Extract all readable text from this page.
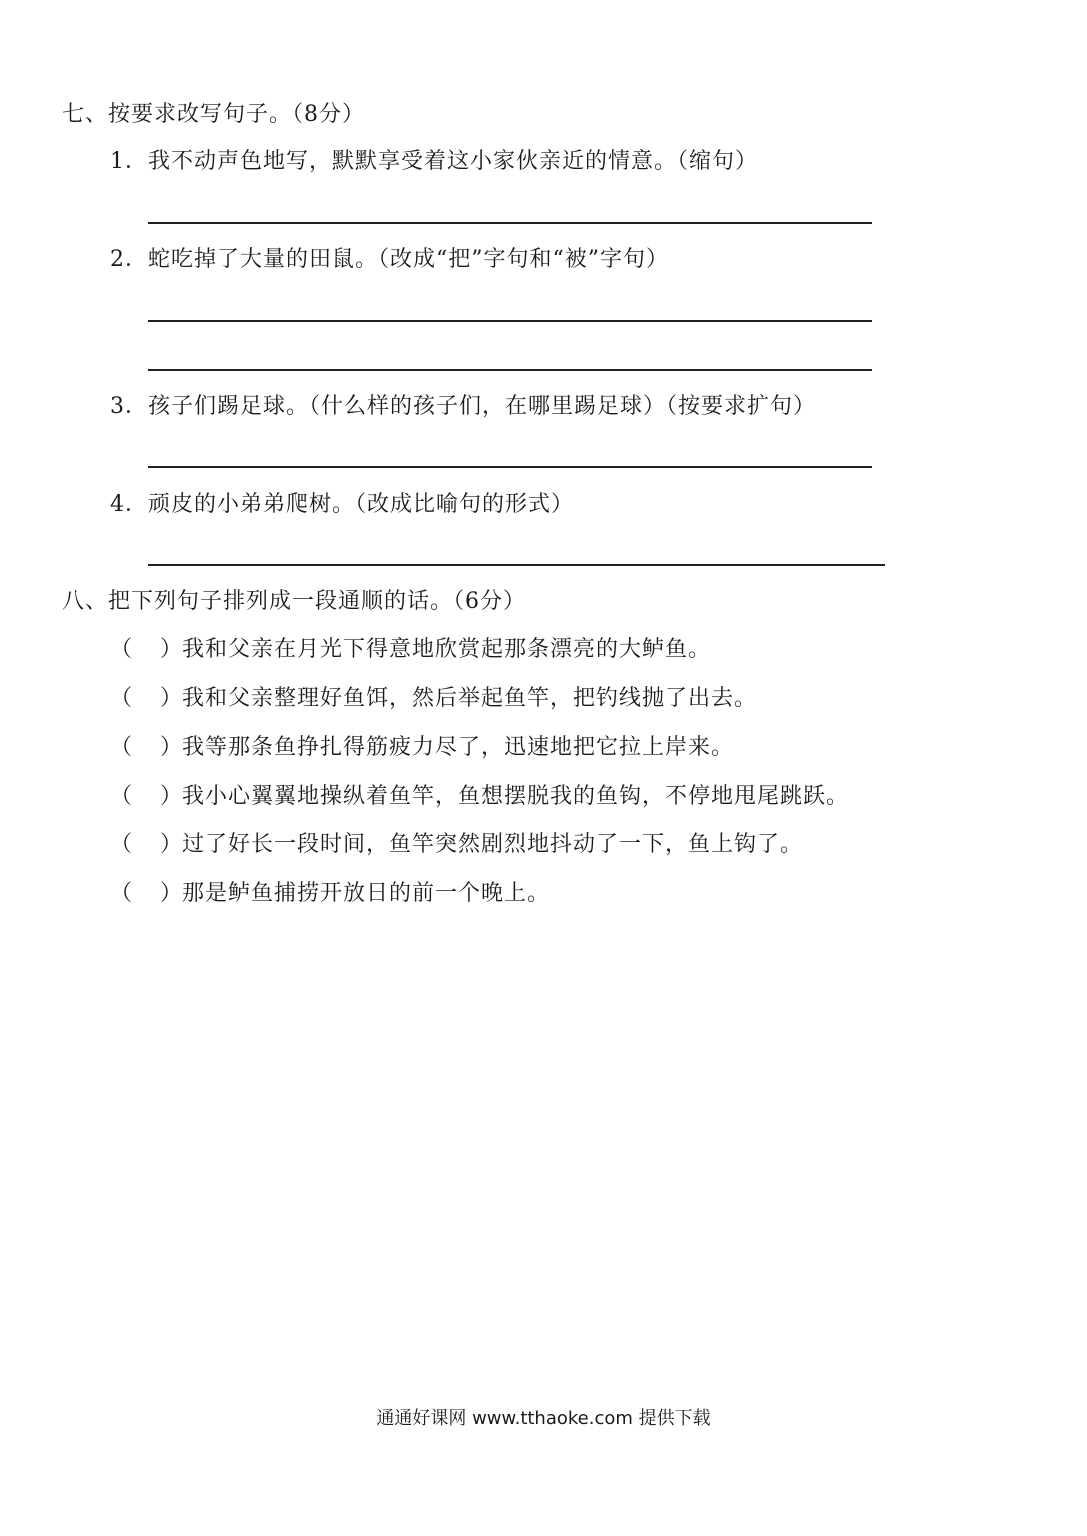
七、按要求改写句子。（8分）
1．我不动声色地写，默默享受着这小家伙亲近的情意。（缩句）
2．蛇吃掉了大量的田鼠。（改成“把”字句和“被”字句）
3．孩子们踢足球。（什么样的孩子们，在哪里踢足球）（按要求扩句）
4．顽皮的小弟弟爬树。（改成比喻句的形式）
八、把下列句子排列成一段通顺的话。（6分）
（
）
我和父亲在月光下得意地欣赏起那条漂亮的大鲈鱼。
（
）
我和父亲整理好鱼饵，然后举起鱼竿，把钓线抛了出去。
（
）
我等那条鱼挣扎得筋疲力尽了，迅速地把它拉上岸来。
（
）
我小心翼翼地操纵着鱼竿，鱼想摆脱我的鱼钩，不停地甩尾跳跃。
（
）
过了好长一段时间，鱼竿突然剧烈地抖动了一下，鱼上钩了。
（
）
那是鲈鱼捕捞开放日的前一个晚上。
通通好课网 www.tthaoke.com 提供下载
